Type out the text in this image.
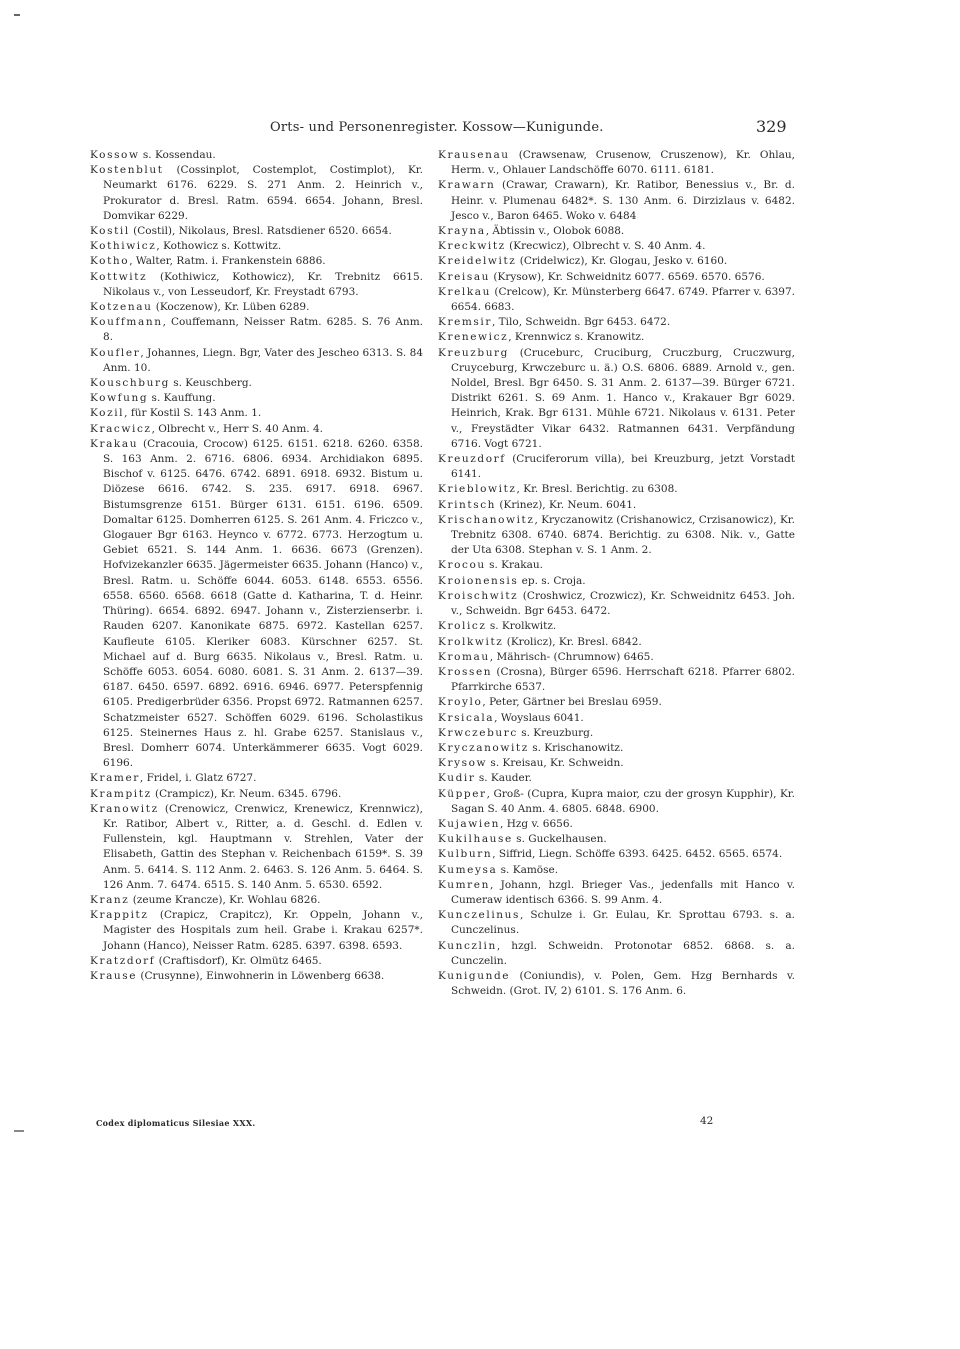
Orts- und Personenregister. Kossow—Kunigunde.	329

Kossow s. Kossendau.

Kostenblut (Cossinplot, Costemplot, Costimplot), Kr. Neumarkt 6176. 6229. S. 271 Anm. 2. Heinrich v., Prokurator d. Bresl. Ratm. 6594. 6654. Johann, Bresl. Domvikar 6229.

Kostil (Costil), Nikolaus, Bresl. Ratsdiener 6520. 6654.

Kothiwicz, Kothowicz s. Kottwitz.

Kotho, Walter, Ratm. i. Frankenstein 6886.

Kottwitz (Kothiwicz, Kothowicz), Kr. Trebnitz 6615. Nikolaus v., von Lesseudorf, Kr. Freystadt 6793.

Kotzenau (Koczenow), Kr. Lüben 6289.

Kouffmann, Couffemann, Neisser Ratm. 6285. S. 76 Anm. 8.

Koufler, Johannes, Liegn. Bgr, Vater des Jescheo 6313. S. 84 Anm. 10.

Kouschburg s. Keuschberg.

Kowfung s. Kauffung.

Kozil, für Kostil S. 143 Anm. 1.

Kracwicz, Olbrecht v., Herr S. 40 Anm. 4.

Krakau (Cracouia, Crocow) 6125. 6151. 6218. 6260. 6358. S. 163 Anm. 2. 6716. 6806. 6934. Archidiakon 6895. Bischof v. 6125. 6476. 6742. 6891. 6918. 6932. Bistum u. Diözese 6616. 6742. S. 235. 6917. 6918. 6967. Bistumsgrenze 6151. Bürger 6131. 6151. 6196. 6509. Domaltar 6125. Domherren 6125. S. 261 Anm. 4. Friczco v., Glogauer Bgr 6163. Heynco v. 6772. 6773. Herzogtum u. Gebiet 6521. S. 144 Anm. 1. 6636. 6673 (Grenzen). Hofvizekanzler 6635. Jägermeister 6635. Johann (Hanco) v., Bresl. Ratm. u. Schöffe 6044. 6053. 6148. 6553. 6556. 6558. 6560. 6568. 6618 (Gatte d. Katharina, T. d. Heinr. Thüring). 6654. 6892. 6947. Johann v., Zisterzienserbr. i. Rauden 6207. Kanonikate 6875. 6972. Kastellan 6257. Kaufleute 6105. Kleriker 6083. Kürschner 6257. St. Michael auf d. Burg 6635. Nikolaus v., Bresl. Ratm. u. Schöffe 6053. 6054. 6080. 6081. S. 31 Anm. 2. 6137—39. 6187. 6450. 6597. 6892. 6916. 6946. 6977. Peterspfennig 6105. Predigerbrüder 6356. Propst 6972. Ratmannen 6257. Schatzmeister 6527. Schöffen 6029. 6196. Scholastikus 6125. Steinernes Haus z. hl. Grabe 6257. Stanislaus v., Bresl. Domherr 6074. Unterkämmerer 6635. Vogt 6029. 6196.

Kramer, Fridel, i. Glatz 6727.

Krampitz (Crampicz), Kr. Neum. 6345. 6796.

Kranowitz (Crenowicz, Crenwicz, Krenewicz, Krennwicz), Kr. Ratibor, Albert v., Ritter, a. d. Geschl. d. Edlen v. Fullenstein, kgl. Hauptmann v. Strehlen, Vater der Elisabeth, Gattin des Stephan v. Reichenbach 6159*. S. 39 Anm. 5. 6414. S. 112 Anm. 2. 6463. S. 126 Anm. 5. 6464. S. 126 Anm. 7. 6474. 6515. S. 140 Anm. 5. 6530. 6592.

Kranz (zeume Krancze), Kr. Wohlau 6826.

Krappitz (Crapicz, Crapitcz), Kr. Oppeln, Johann v., Magister des Hospitals zum heil. Grabe i. Krakau 6257*. Johann (Hanco), Neisser Ratm. 6285. 6397. 6398. 6593.

Kratzdorf (Craftisdorf), Kr. Olmütz 6465.

Krause (Crusynne), Einwohnerin in Löwenberg 6638.

Krausenau (Crawsenaw, Crusenow, Cruszenow), Kr. Ohlau, Herm. v., Ohlauer Landschöffe 6070. 6111. 6181.

Krawarn (Crawar, Crawarn), Kr. Ratibor, Benessius v., Br. d. Heinr. v. Plumenau 6482*. S. 130 Anm. 6. Dirzizlaus v. 6482. Jesco v., Baron 6465. Woko v. 6484

Krayna, Äbtissin v., Olobok 6088.

Kreckwitz (Krecwicz), Olbrecht v. S. 40 Anm. 4.

Kreidelwitz (Cridelwicz), Kr. Glogau, Jesko v. 6160.

Kreisau (Krysow), Kr. Schweidnitz 6077. 6569. 6570. 6576.

Krelkau (Crelcow), Kr. Münsterberg 6647. 6749. Pfarrer v. 6397. 6654. 6683.

Kremsir, Tilo, Schweidn. Bgr 6453. 6472.

Krenewicz, Krennwicz s. Kranowitz.

Kreuzburg (Cruceburc, Cruciburg, Cruczburg, Cruczwurg, Cruyceburg, Krwczeburc u. ä.) O.S. 6806. 6889. Arnold v., gen. Noldel, Bresl. Bgr 6450. S. 31 Anm. 2. 6137—39. Bürger 6721. Distrikt 6261. S. 69 Anm. 1. Hanco v., Krakauer Bgr 6029. Heinrich, Krak. Bgr 6131. Mühle 6721. Nikolaus v. 6131. Peter v., Freystädter Vikar 6432. Ratmannen 6431. Verpfändung 6716. Vogt 6721.

Kreuzdorf (Cruciferorum villa), bei Kreuzburg, jetzt Vorstadt 6141.

Krieblowitz, Kr. Bresl. Berichtig. zu 6308.

Krintsch (Krinez), Kr. Neum. 6041.

Krischanowitz, Kryczanowitz (Crishanowicz, Crzisanowicz), Kr. Trebnitz 6308. 6740. 6874. Berichtig. zu 6308. Nik. v., Gatte der Uta 6308. Stephan v. S. 1 Anm. 2.

Krocou s. Krakau.

Kroionensis ep. s. Croja.

Kroischwitz (Croshwicz, Crozwicz), Kr. Schweidnitz 6453. Joh. v., Schweidn. Bgr 6453. 6472.

Krolicz s. Krolkwitz.

Krolkwitz (Krolicz), Kr. Bresl. 6842.

Kromau, Mährisch- (Chrumnow) 6465.

Krossen (Crosna), Bürger 6596. Herrschaft 6218. Pfarrer 6802. Pfarrkirche 6537.

Kroylo, Peter, Gärtner bei Breslau 6959.

Krsicala, Woyslaus 6041.

Krwczeburc s. Kreuzburg.

Kryczanowitz s. Krischanowitz.

Krysow s. Kreisau, Kr. Schweidn.

Kudir s. Kauder.

Küpper, Groß- (Cupra, Kupra maior, czu der grosyn Kupphir), Kr. Sagan S. 40 Anm. 4. 6805. 6848. 6900.

Kujawien, Hzg v. 6656.

Kukilhause s. Guckelhausen.

Kulburn, Siffrid, Liegn. Schöffe 6393. 6425. 6452. 6565. 6574.

Kumeysa s. Kamöse.

Kumren, Johann, hzgl. Brieger Vas., jedenfalls mit Hanco v. Cumeraw identisch 6366. S. 99 Anm. 4.

Kunczelinus, Schulze i. Gr. Eulau, Kr. Sprottau 6793. s. a. Cunczelinus.

Kunczlin, hzgl. Schweidn. Protonotar 6852. 6868. s. a. Cunczelin.

Kunigunde (Coniundis), v. Polen, Gem. Hzg Bernhards v. Schweidn. (Grot. IV, 2) 6101. S. 176 Anm. 6.

Codex diplomaticus Silesiae XXX.	42
